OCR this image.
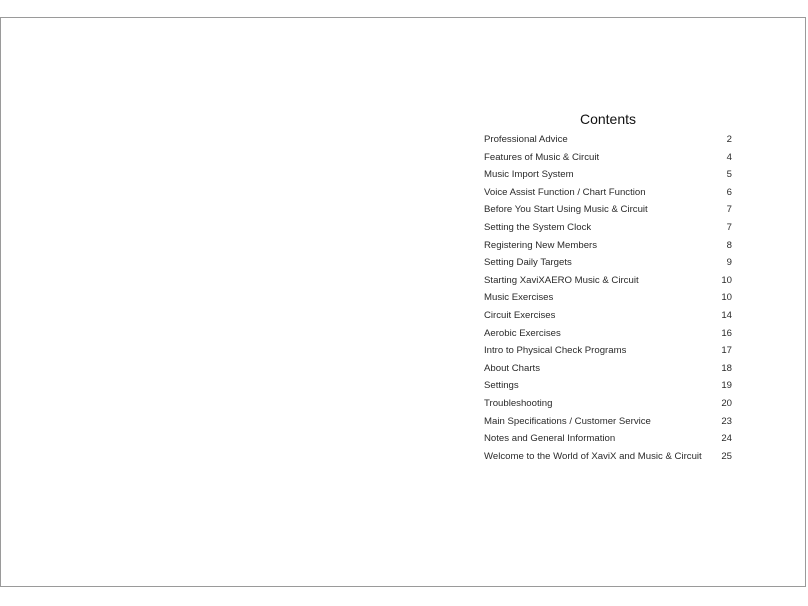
Contents
Professional Advice	2
Features of Music & Circuit	4
Music Import System	5
Voice Assist Function / Chart Function	6
Before You Start Using Music & Circuit	7
Setting the System Clock	7
Registering New Members	8
Setting Daily Targets	9
Starting XaviXAERO Music & Circuit	10
Music Exercises	10
Circuit Exercises	14
Aerobic Exercises	16
Intro to Physical Check Programs	17
About Charts	18
Settings	19
Troubleshooting	20
Main Specifications / Customer Service	23
Notes and General Information	24
Welcome to the World of XaviX and Music & Circuit	25
